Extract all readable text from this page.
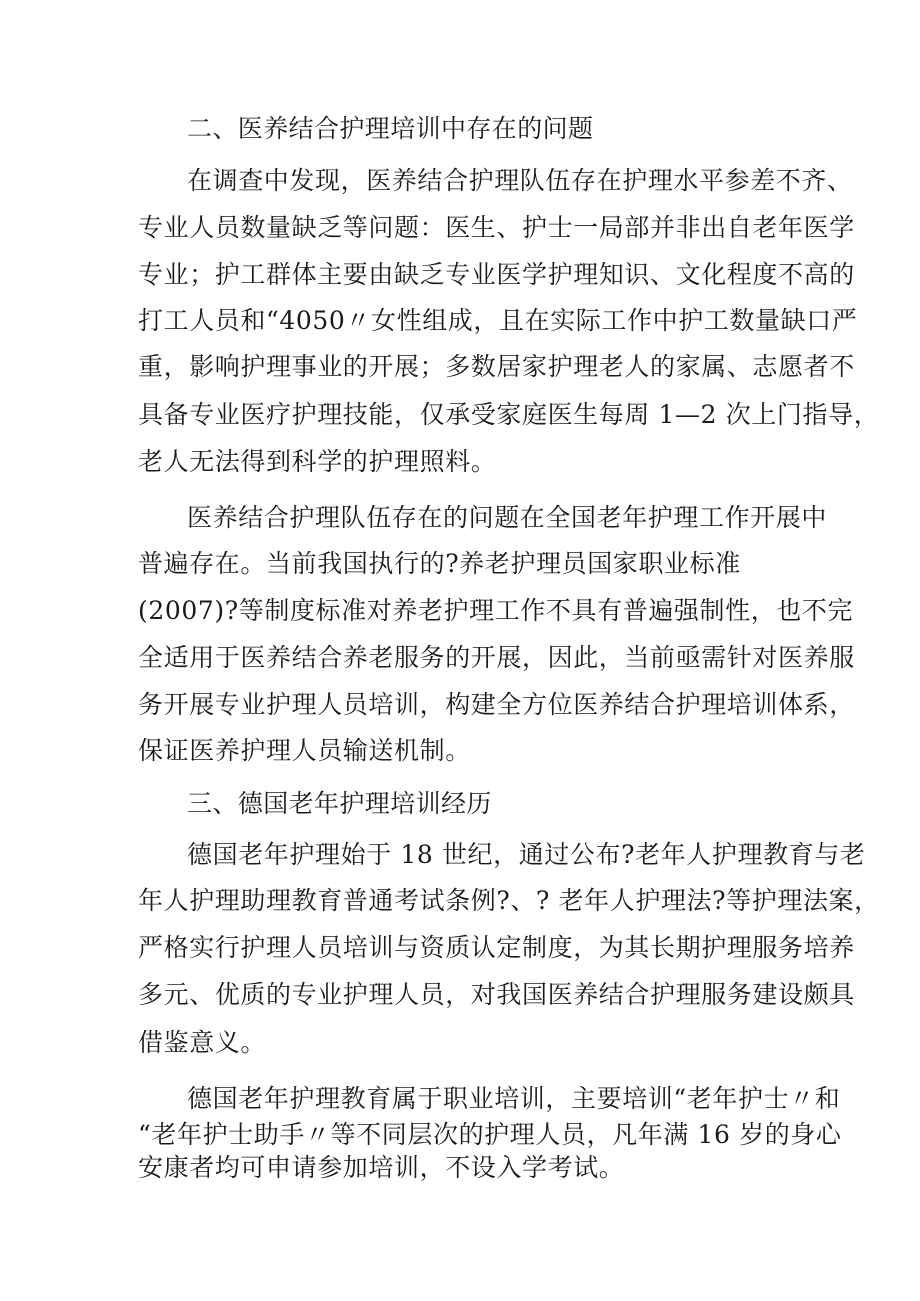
二、医养结合护理培训中存在的问题
在调查中发现，医养结合护理队伍存在护理水平参差不齐、
专业人员数量缺乏等问题：医生、护士一局部并非出自老年医学
专业；护工群体主要由缺乏专业医学护理知识、文化程度不高的
打工人员和“4050〃女性组成，且在实际工作中护工数量缺口严
重，影响护理事业的开展；多数居家护理老人的家属、志愿者不
具备专业医疗护理技能，仅承受家庭医生每周 1—2 次上门指导，
老人无法得到科学的护理照料。
医养结合护理队伍存在的问题在全国老年护理工作开展中
普遍存在。当前我国执行的?养老护理员国家职业标准
(2007)?等制度标准对养老护理工作不具有普遍强制性，也不完
全适用于医养结合养老服务的开展，因此，当前亟需针对医养服
务开展专业护理人员培训，构建全方位医养结合护理培训体系，
保证医养护理人员输送机制。
三、德国老年护理培训经历
德国老年护理始于 18 世纪，通过公布?老年人护理教育与老
年人护理助理教育普通考试条例?、? 老年人护理法?等护理法案，
严格实行护理人员培训与资质认定制度，为其长期护理服务培养
多元、优质的专业护理人员，对我国医养结合护理服务建设颇具
借鉴意义。
德国老年护理教育属于职业培训，主要培训“老年护士〃和
“老年护士助手〃等不同层次的护理人员，凡年满 16 岁的身心
安康者均可申请参加培训，不设入学考试。
